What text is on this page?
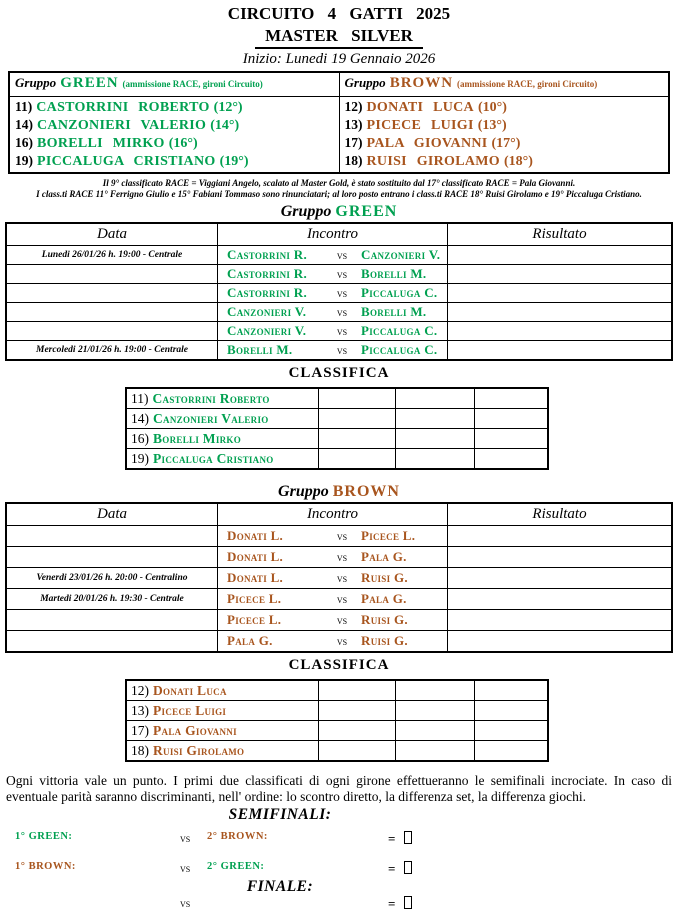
CIRCUITO 4 GATTI 2025
MASTER SILVER
Inizio: Lunedi 19 Gennaio 2026
Gruppo GREEN (ammissione RACE, gironi Circuito)	Gruppo BROWN (ammissione RACE, gironi Circuito)

11) CASTORRINI ROBERTO (12°)
14) CANZONIERI VALERIO (14°)
16) BORELLI MIRKO (16°)
19) PICCALUGA CRISTIANO (19°)

12) DONATI LUCA (10°)
13) PICECE LUIGI (13°)
17) PALA GIOVANNI (17°)
18) RUISI GIROLAMO (18°)
Il 9° classificato RACE = Viggiani Angelo, scalato al Master Gold, è stato sostituito dal 17° classificato RACE = Pala Giovanni.
I class.ti RACE 11° Ferrigno Giulio e 15° Fabiani Tommaso sono rinunciatari; al loro posto entrano i class.ti RACE 18° Ruisi Girolamo e 19° Piccaluga Cristiano.
Gruppo GREEN
Data	Incontro	Risultato
Lunedi 26/01/26 h. 19:00 - Centrale	Castorrini R. vs Canzonieri V.	

	Castorrini R. vs Borelli M.	

	Castorrini R. vs Piccaluga C.	

	Canzonieri V. vs Borelli M.	

	Canzonieri V. vs Piccaluga C.	

Mercoledi 21/01/26 h. 19:00 - Centrale	Borelli M. vs Piccaluga C.	

CLASSIFICA
11) Castorrini Roberto			
14) Canzonieri Valerio			
16) Borelli Mirko			
19) Piccaluga Cristiano			
Gruppo BROWN
Data	Incontro	Risultato

	Donati L. vs Picece L.	

	Donati L. vs Pala G.	

Venerdi 23/01/26 h. 20:00 - Centralino	Donati L. vs Ruisi G.	

Martedi 20/01/26 h. 19:30 - Centrale	Picece L. vs Pala G.	

	Picece L. vs Ruisi G.	

	Pala G. vs Ruisi G.	

CLASSIFICA
12) Donati Luca			
13) Picece Luigi			
17) Pala Giovanni			
18) Ruisi Girolamo			

Ogni vittoria vale un punto. I primi due classificati di ogni girone effettueranno le semifinali incrociate. In caso di eventuale parità saranno discriminanti, nell' ordine: lo scontro diretto, la differenza set, la differenza giochi.

SEMIFINALI:
1° GREEN:	vs 2° BROWN:	=
1° BROWN:	vs 2° GREEN:	=
FINALE:
vs	=
